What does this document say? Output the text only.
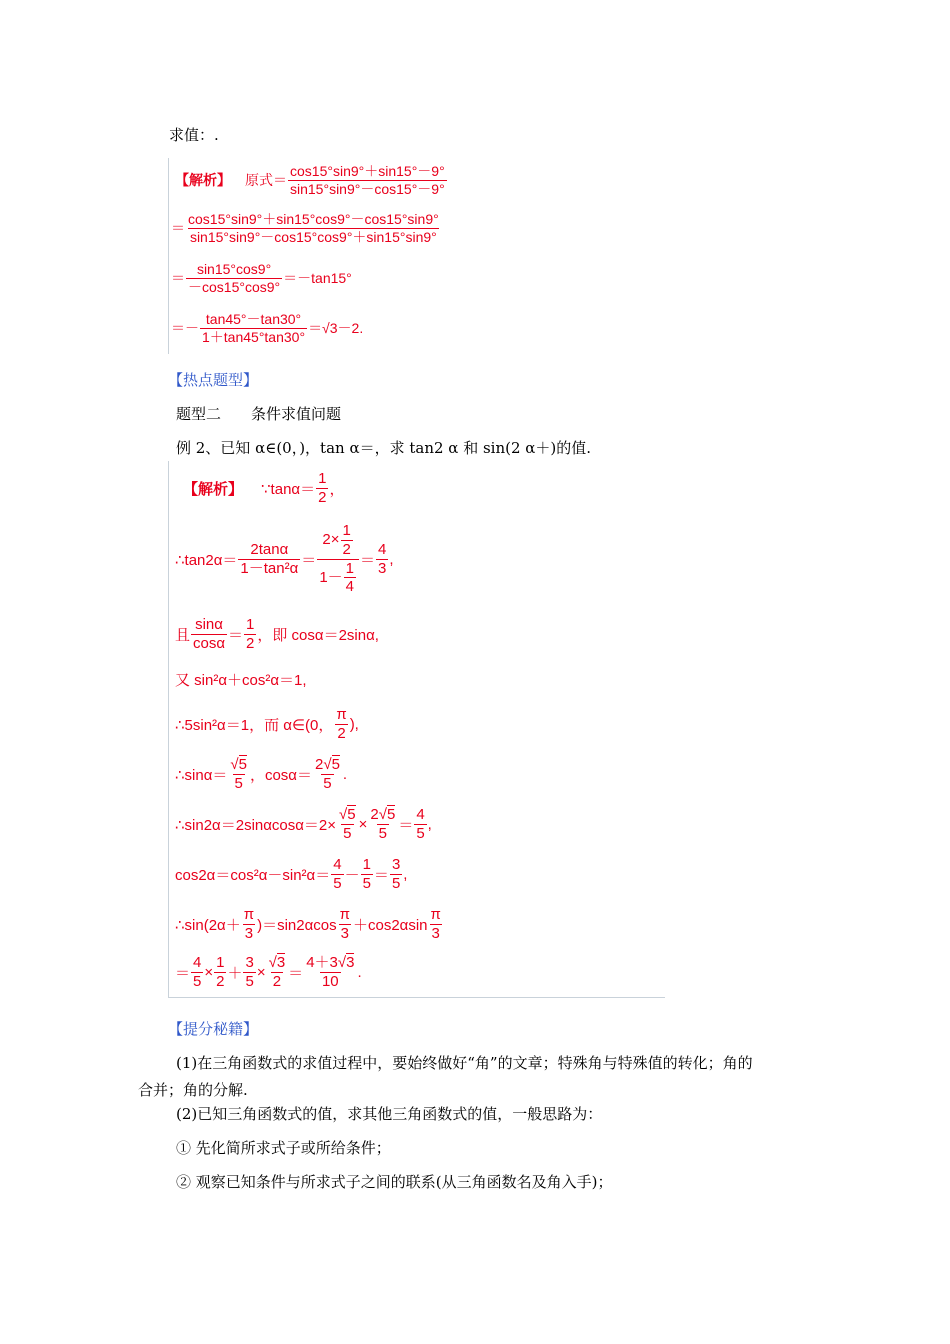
求值：.
【解析】 原式＝ $\frac{\cos 15^\circ\sin 9^\circ+\sin 15^\circ-9^\circ}{\sin 15^\circ\sin 9^\circ-\cos 15^\circ-9^\circ}$
＝ $\frac{\cos 15^\circ\sin 9^\circ+\sin 15^\circ\cos 9^\circ-\cos 15^\circ\sin 9^\circ}{\sin 15^\circ\sin 9^\circ-\cos 15^\circ\cos 9^\circ+\sin 15^\circ\sin 9^\circ}$
＝ $\frac{\sin 15^\circ\cos 9^\circ}{-\cos 15^\circ\cos 9^\circ} =-\tan 15^\circ$
＝－ $\frac{\tan 45^\circ-\tan 30^\circ}{1+\tan 45^\circ\tan 30^\circ}$ ＝√ 3－2.
【热点题型】
题型二　　条件求值问题
例 2、已知 α∈(0，)，tan α＝，求 tan2 α 和 sin(2 α＋)的值.
【解析】 ∵tanα＝ $\frac{1}{2}$ ，
∴tan2α＝ $\frac{2\tan\alpha}{\text{1－tan²α}} = \frac{2\times \frac{1}{2}}{1- \frac{1}{4}} = \frac{4}{3}$ ,
且 $\frac{\sin\alpha}{\cos\alpha} = \frac{1}{2}$ ，即 cosα＝2sinα,
又 sin²α＋cos²α＝1,
∴5sin²α＝1，而 α∈(0， $\frac{\pi}{2}$ ),
∴sinα＝ $\frac{√5}{5}$ ，$\cos\alpha= \frac{2√5}{5}$ .
∴sin2α＝2sinαcosα＝2× $\frac{√5}{5} \times \frac{2√5}{5} = \frac{4}{5}$ ,
$\cos 2\alpha=\cos^2\alpha-\sin^2\alpha= \frac{4}{5} - \frac{1}{5} = \frac{3}{5}$ ,
∴sin(2α＋ $\frac{\pi}{3} )=\sin 2\alpha\cos \frac{\pi}{3} +\cos 2\alpha\sin \frac{\pi}{3}$
＝ $\frac{4}{5} \times \frac{1}{2} + \frac{3}{5} \times \frac{√3}{2} = \frac{4+3√3}{10}$ .
【提分秘籍】
(1)在三角函数式的求值过程中，要始终做好“角”的文章；特殊角与特殊值的转化；角的
合并；角的分解.
(2)已知三角函数式的值，求其他三角函数式的值，一般思路为：
① 先化简所求式子或所给条件；
② 观察已知条件与所求式子之间的联系(从三角函数名及角入手)；
